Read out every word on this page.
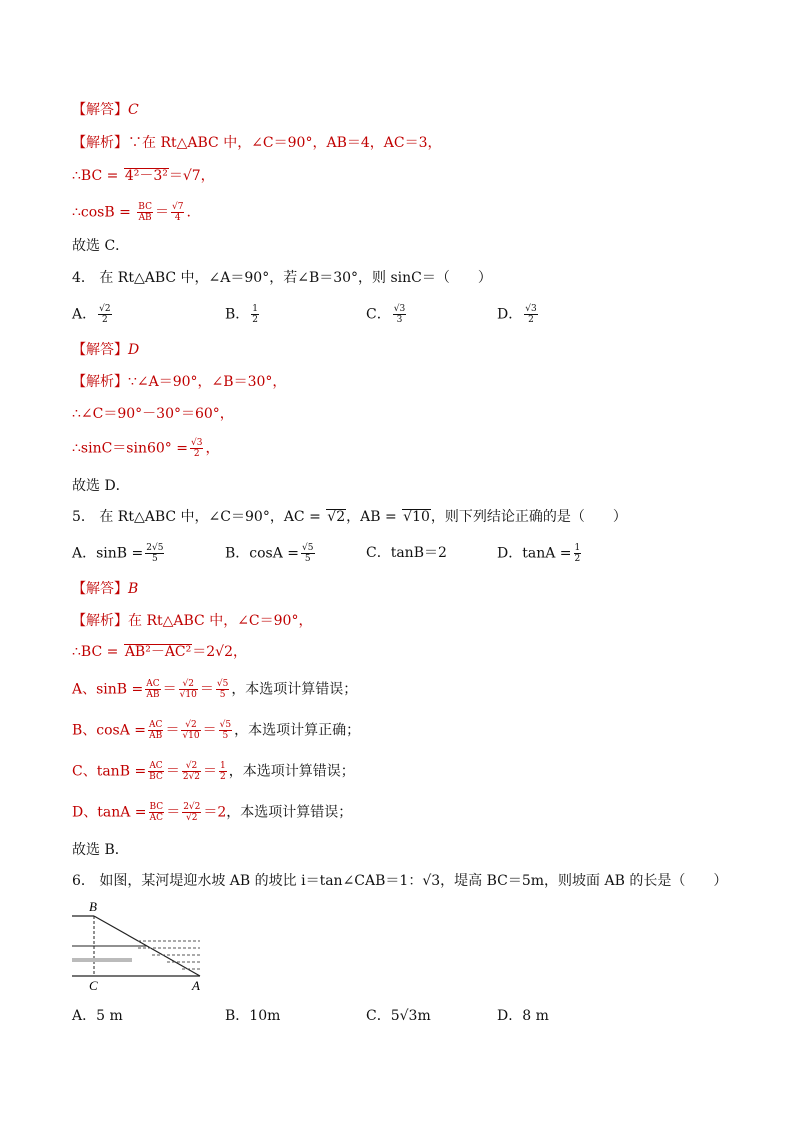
【解答】C
【解析】∵在 Rt△ABC 中，∠C＝90°，AB＝4，AC＝3，
∴BC = 4²－3²＝√7，
∴cosB = $\frac{BC}{AB} = \frac{√7}{4}$ .
故选 C．
4． 在 Rt△ABC 中，∠A＝90°，若∠B＝30°，则 sinC＝（　　）
A． $\frac{√2}{2}$	B． $\frac{1}{2}$	C． $\frac{√3}{3}$	D． $\frac{√3}{2}$
【解答】D
【解析】∵∠A＝90°，∠B＝30°，
∴∠C＝90°－30°＝60°，
∴sinC＝sin60° = $\frac{√3}{2}$ ，
故选 D．
5． 在 Rt△ABC 中，∠C＝90°，AC = √2，AB = √10，则下列结论正确的是（　　）
A．$\sin B = \frac{2√5}{5}$	B．$\cos A = \frac{√5}{5}$	C．tanB＝2	D．$\tan A = \frac{1}{2}$
【解答】B
【解析】在 Rt△ABC 中，∠C＝90°，
∴BC = AB²－AC²＝2√2，
A、$\sin B = \frac{AC}{AB} = \frac{√2}{√10} = \frac{√5}{5}$ ，本选项计算错误；
B、$\cos A = \frac{AC}{AB} = \frac{√2}{√10} = \frac{√5}{5}$ ，本选项计算正确；
C、$\tan B = \frac{AC}{BC} = \frac{√2}{2√2} = \frac{1}{2}$ ，本选项计算错误；
D、$\tan A = \frac{BC}{AC} = \frac{2√2}{√2} =2$，本选项计算错误；
故选 B．
6． 如图，某河堤迎水坡 AB 的坡比 i＝tan∠CAB＝1：√3，堤高 BC＝5m，则坡面 AB 的长是（　　）
B
C	A
A．5 m	B．10m	C．5√3m	D．8 m
